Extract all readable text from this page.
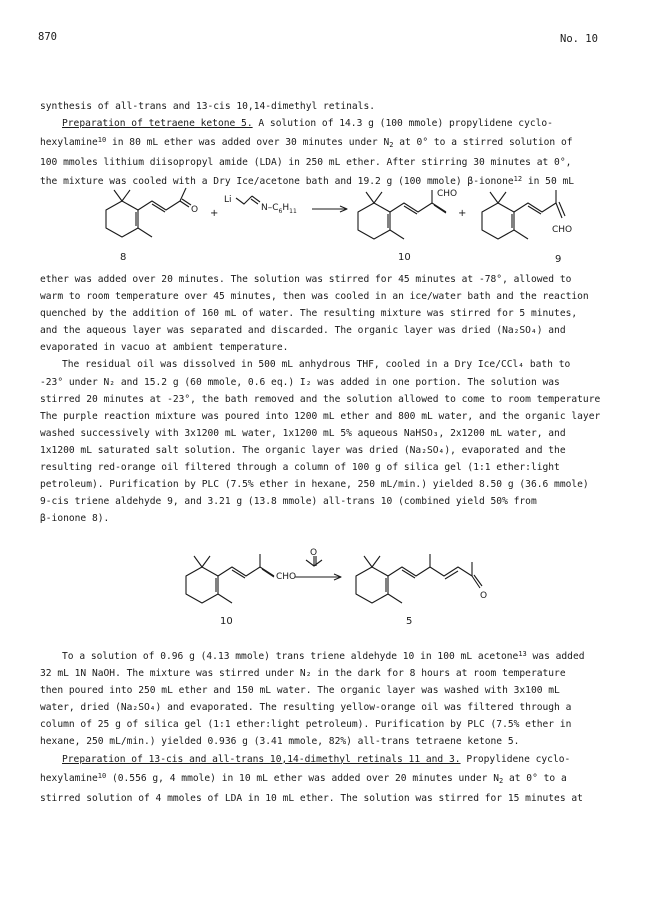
870	No. 10
synthesis of all-trans and 13-cis 10,14-dimethyl retinals.
Preparation of tetraene ketone 5. A solution of 14.3 g (100 mmole) propylidene cyclo-
hexylamine$^{10}$ in 80 mL ether was added over 30 minutes under $N_2$ at 0° to a stirred solution of
100 mmoles lithium diisopropyl amide (LDA) in 250 mL ether. After stirring 30 minutes at 0°,
the mixture was cooled with a Dry Ice/acetone bath and 19.2 g (100 mmole) β-ionone$^{12}$ in 50 mL
O
8
+
Li
$N-C_6H_{11}$
CHO
10
+
CHO
9
ether was added over 20 minutes. The solution was stirred for 45 minutes at -78°, allowed to
warm to room temperature over 45 minutes, then was cooled in an ice/water bath and the reaction
quenched by the addition of 160 mL of water. The resulting mixture was stirred for 5 minutes,
and the aqueous layer was separated and discarded. The organic layer was dried (Na₂SO₄) and
evaporated in vacuo at ambient temperature.
The residual oil was dissolved in 500 mL anhydrous THF, cooled in a Dry Ice/CCl₄ bath to
-23° under N₂ and 15.2 g (60 mmole, 0.6 eq.) I₂ was added in one portion. The solution was
stirred 20 minutes at -23°, the bath removed and the solution allowed to come to room temperature
The purple reaction mixture was poured into 1200 mL ether and 800 mL water, and the organic layer
washed successively with 3x1200 mL water, 1x1200 mL 5% aqueous NaHSO₃, 2x1200 mL water, and
1x1200 mL saturated salt solution. The organic layer was dried (Na₂SO₄), evaporated and the
resulting red-orange oil filtered through a column of 100 g of silica gel (1:1 ether:light
petroleum). Purification by PLC (7.5% ether in hexane, 250 mL/min.) yielded 8.50 g (36.6 mmole)
9-cis triene aldehyde 9, and 3.21 g (13.8 mmole) all-trans 10 (combined yield 50% from
β-ionone 8).
CHO
10
O
O
5
To a solution of 0.96 g (4.13 mmole) trans triene aldehyde 10 in 100 mL acetone$^{13}$ was added
32 mL 1N NaOH. The mixture was stirred under N₂ in the dark for 8 hours at room temperature
then poured into 250 mL ether and 150 mL water. The organic layer was washed with 3x100 mL
water, dried (Na₂SO₄) and evaporated. The resulting yellow-orange oil was filtered through a
column of 25 g of silica gel (1:1 ether:light petroleum). Purification by PLC (7.5% ether in
hexane, 250 mL/min.) yielded 0.936 g (3.41 mmole, 82%) all-trans tetraene ketone 5.
Preparation of 13-cis and all-trans 10,14-dimethyl retinals 11 and 3. Propylidene cyclo-
hexylamine$^{10}$ (0.556 g, 4 mmole) in 10 mL ether was added over 20 minutes under $N_2$ at 0° to a
stirred solution of 4 mmoles of LDA in 10 mL ether. The solution was stirred for 15 minutes at
